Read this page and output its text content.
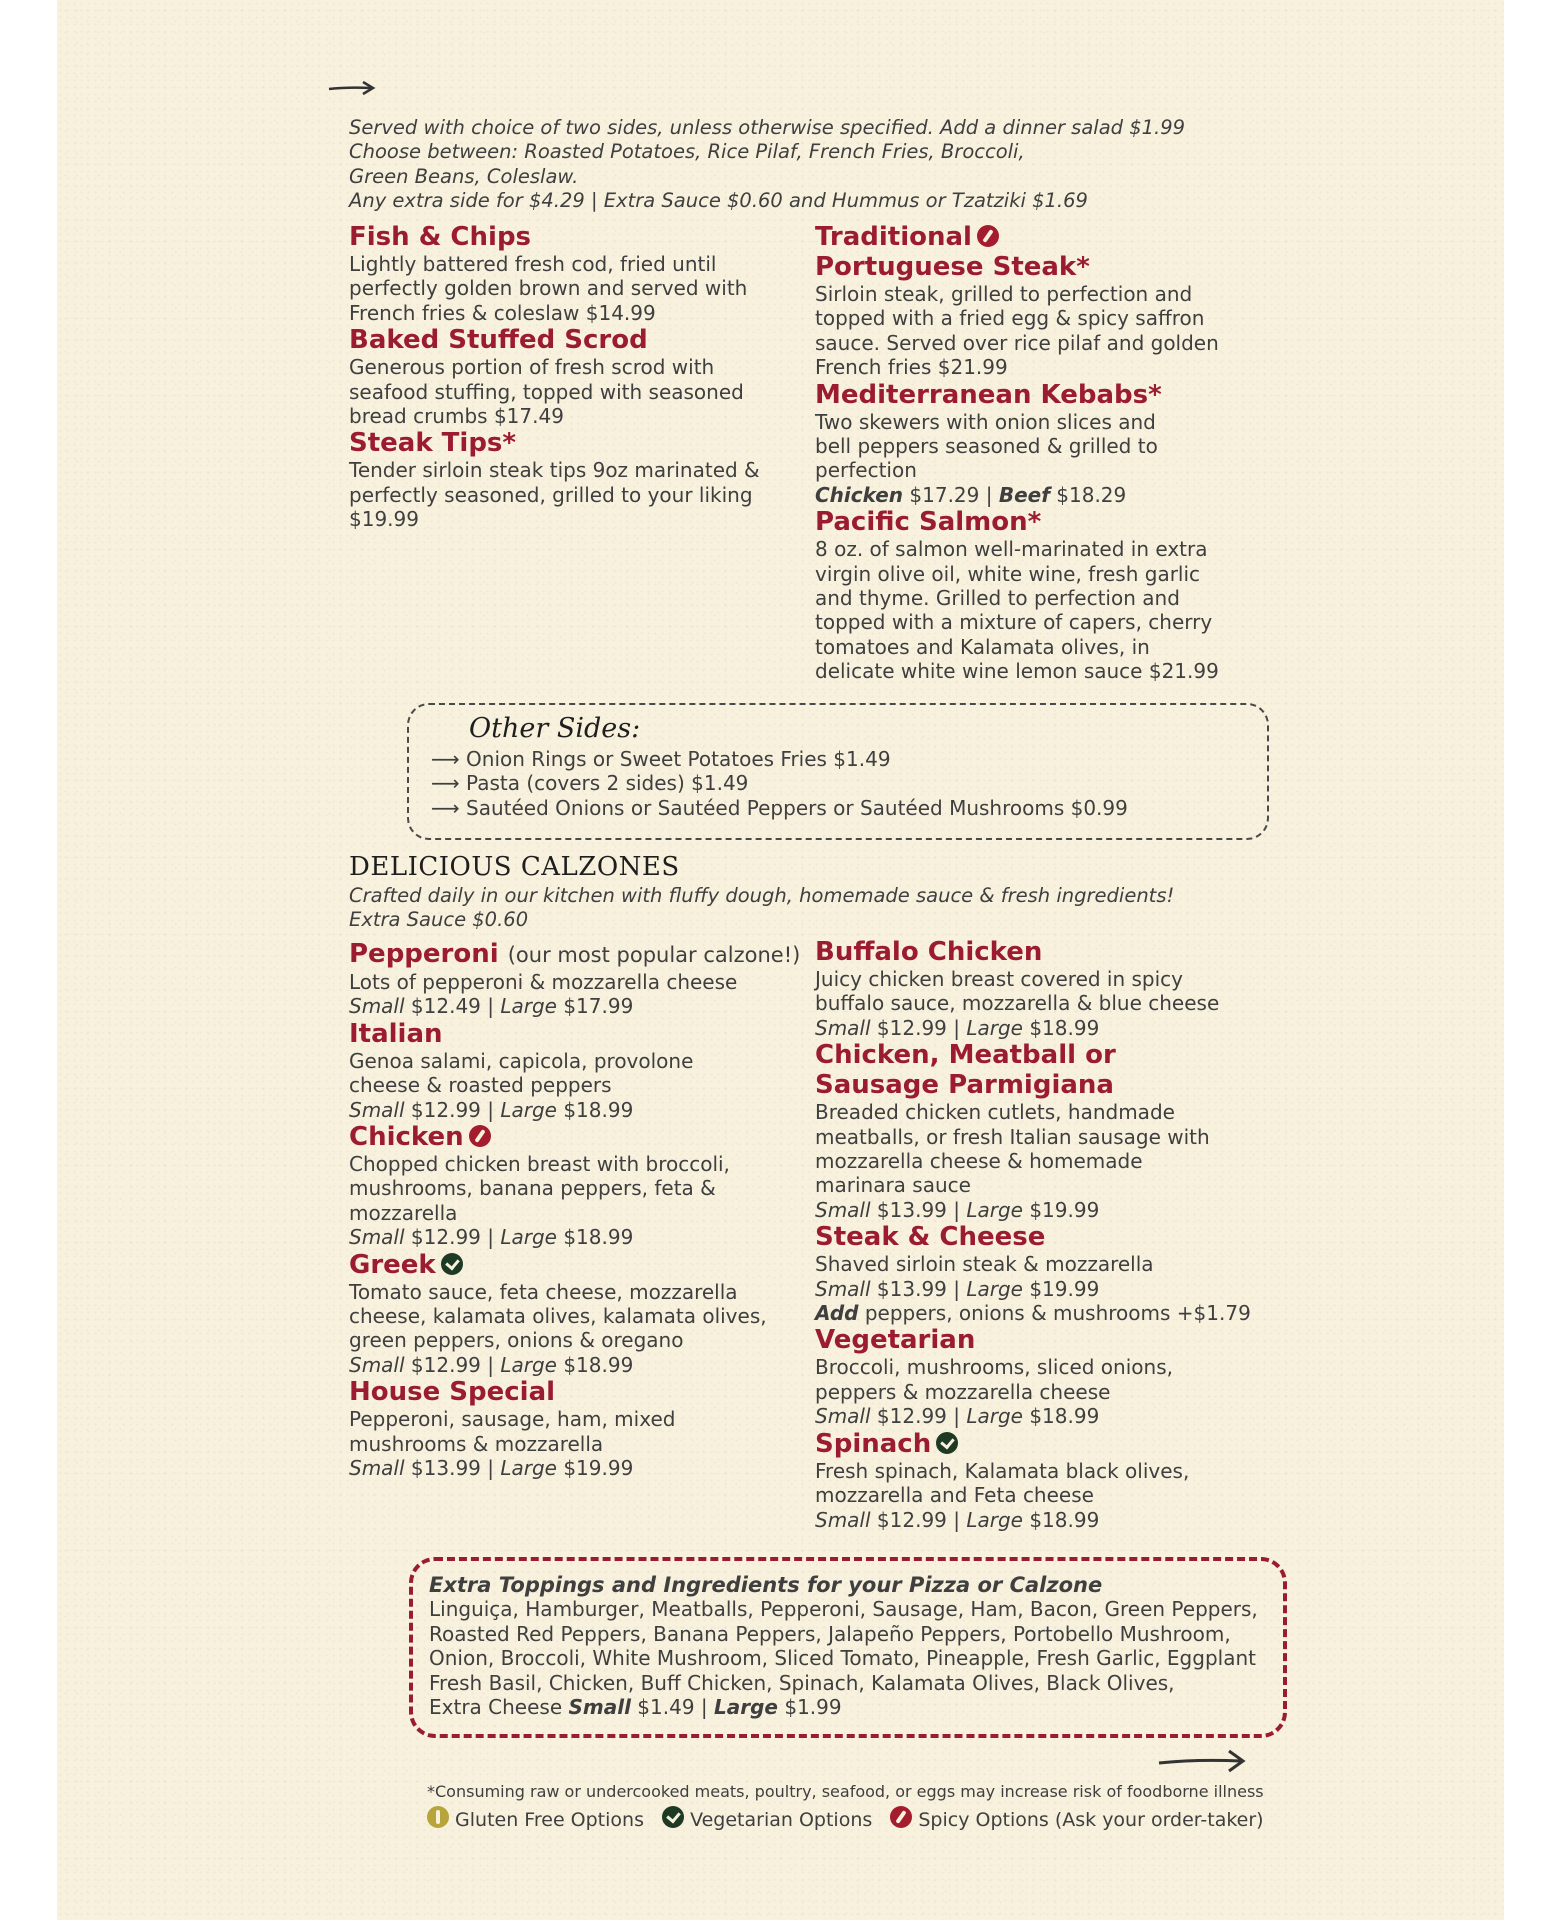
Served with choice of two sides, unless otherwise specified. Add a dinner salad $1.99
Choose between: Roasted Potatoes, Rice Pilaf, French Fries, Broccoli,
Green Beans, Coleslaw.
Any extra side for $4.29 | Extra Sauce $0.60 and Hummus or Tzatziki $1.69
Fish & Chips
Lightly battered fresh cod, fried until
perfectly golden brown and served with
French fries & coleslaw $14.99
Baked Stuffed Scrod
Generous portion of fresh scrod with
seafood stuffing, topped with seasoned
bread crumbs $17.49
Steak Tips*
Tender sirloin steak tips 9oz marinated &
perfectly seasoned, grilled to your liking
$19.99
Traditional
Portuguese Steak*
Sirloin steak, grilled to perfection and
topped with a fried egg & spicy saffron
sauce. Served over rice pilaf and golden
French fries $21.99
Mediterranean Kebabs*
Two skewers with onion slices and
bell peppers seasoned & grilled to
perfection
Chicken $17.29 | Beef $18.29
Pacific Salmon*
8 oz. of salmon well-marinated in extra
virgin olive oil, white wine, fresh garlic
and thyme. Grilled to perfection and
topped with a mixture of capers, cherry
tomatoes and Kalamata olives, in
delicate white wine lemon sauce $21.99
Other Sides:
⟶ Onion Rings or Sweet Potatoes Fries $1.49
⟶ Pasta (covers 2 sides) $1.49
⟶ Sautéed Onions or Sautéed Peppers or Sautéed Mushrooms $0.99
DELICIOUS CALZONES
Crafted daily in our kitchen with fluffy dough, homemade sauce & fresh ingredients!
Extra Sauce $0.60
Pepperoni (our most popular calzone!)
Lots of pepperoni & mozzarella cheese
Small $12.49 | Large $17.99
Italian
Genoa salami, capicola, provolone
cheese & roasted peppers
Small $12.99 | Large $18.99
Chicken
Chopped chicken breast with broccoli,
mushrooms, banana peppers, feta &
mozzarella
Small $12.99 | Large $18.99
Greek
Tomato sauce, feta cheese, mozzarella
cheese, kalamata olives, kalamata olives,
green peppers, onions & oregano
Small $12.99 | Large $18.99
House Special
Pepperoni, sausage, ham, mixed
mushrooms & mozzarella
Small $13.99 | Large $19.99
Buffalo Chicken
Juicy chicken breast covered in spicy
buffalo sauce, mozzarella & blue cheese
Small $12.99 | Large $18.99
Chicken, Meatball or
Sausage Parmigiana
Breaded chicken cutlets, handmade
meatballs, or fresh Italian sausage with
mozzarella cheese & homemade
marinara sauce
Small $13.99 | Large $19.99
Steak & Cheese
Shaved sirloin steak & mozzarella
Small $13.99 | Large $19.99
Add peppers, onions & mushrooms +$1.79
Vegetarian
Broccoli, mushrooms, sliced onions,
peppers & mozzarella cheese
Small $12.99 | Large $18.99
Spinach
Fresh spinach, Kalamata black olives,
mozzarella and Feta cheese
Small $12.99 | Large $18.99
Extra Toppings and Ingredients for your Pizza or Calzone
Linguiça, Hamburger, Meatballs, Pepperoni, Sausage, Ham, Bacon, Green Peppers,
Roasted Red Peppers, Banana Peppers, Jalapeño Peppers, Portobello Mushroom,
Onion, Broccoli, White Mushroom, Sliced Tomato, Pineapple, Fresh Garlic, Eggplant
Fresh Basil, Chicken, Buff Chicken, Spinach, Kalamata Olives, Black Olives,
Extra Cheese Small $1.49 | Large $1.99
*Consuming raw or undercooked meats, poultry, seafood, or eggs may increase risk of foodborne illness
Gluten Free Options Vegetarian Options Spicy Options (Ask your order-taker)
